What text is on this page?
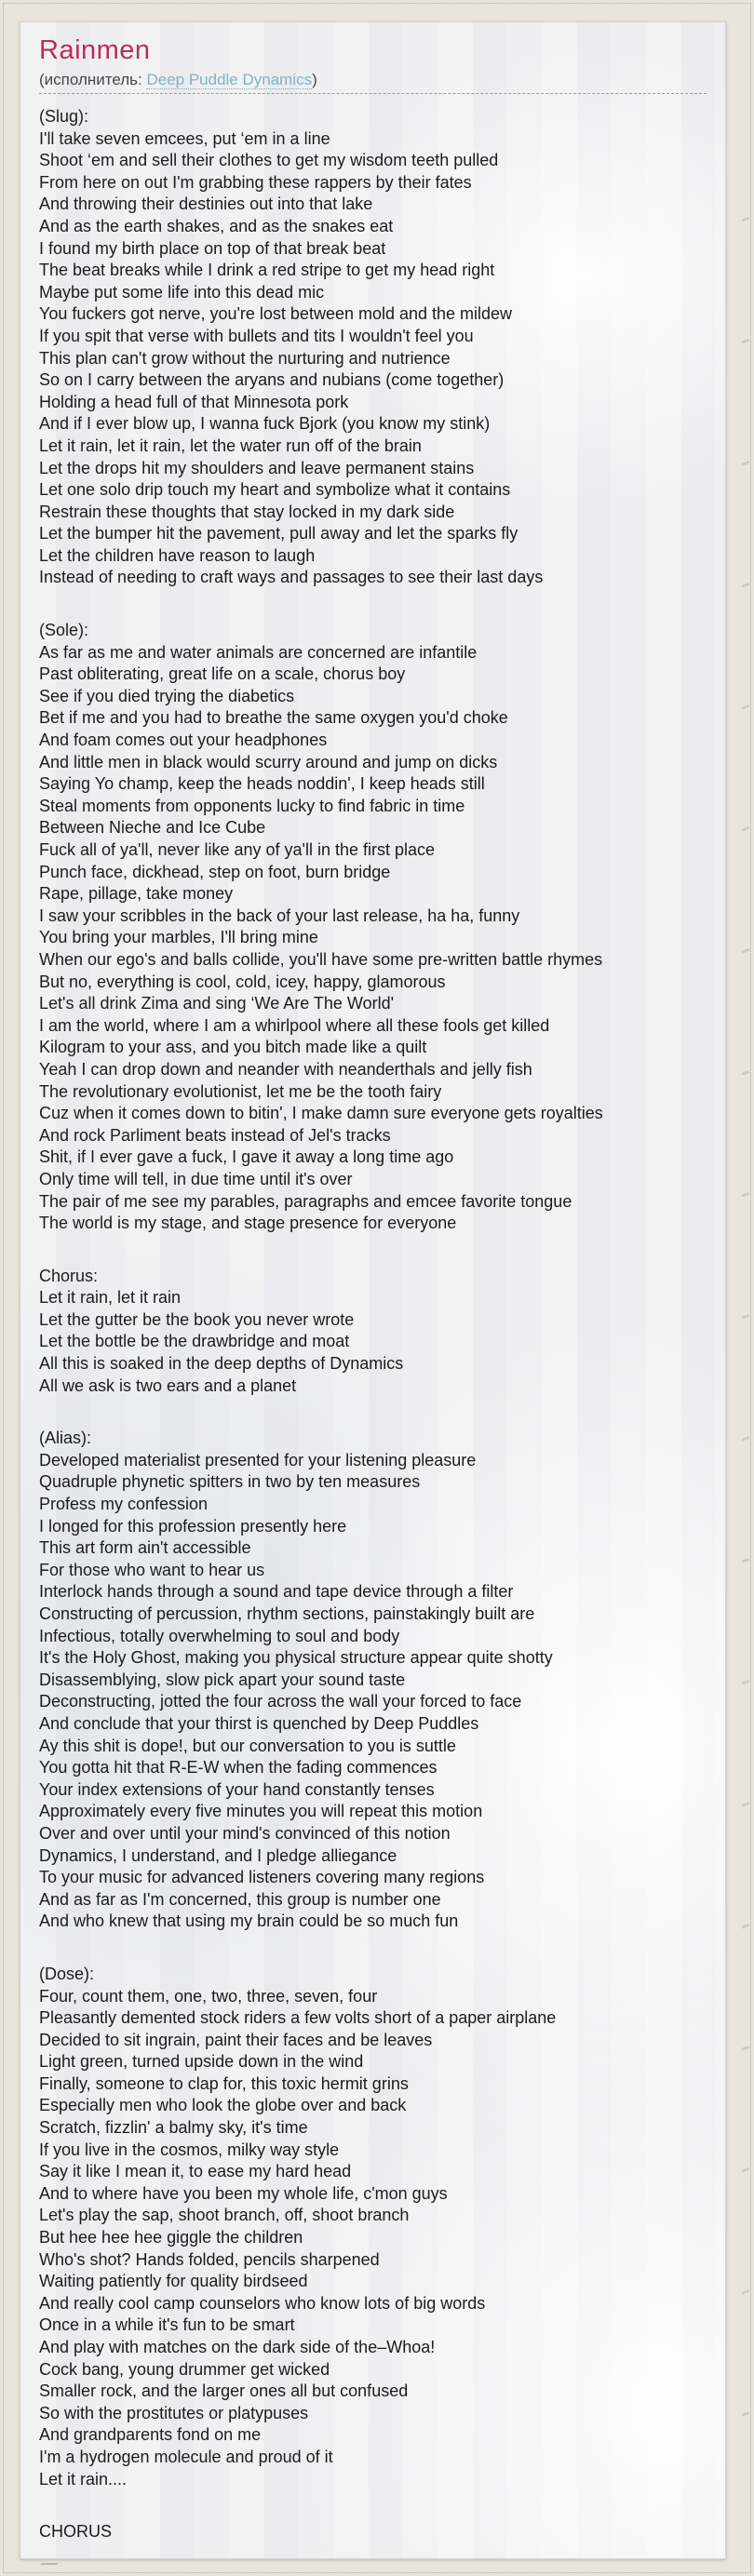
Rainmen
(исполнитель: Deep Puddle Dynamics)

(Slug):
I'll take seven emcees, put ‘em in a line
Shoot ‘em and sell their clothes to get my wisdom teeth pulled
From here on out I'm grabbing these rappers by their fates
And throwing their destinies out into that lake
And as the earth shakes, and as the snakes eat
I found my birth place on top of that break beat
The beat breaks while I drink a red stripe to get my head right
Maybe put some life into this dead mic
You fuckers got nerve, you're lost between mold and the mildew
If you spit that verse with bullets and tits I wouldn't feel you
This plan can't grow without the nurturing and nutrience
So on I carry between the aryans and nubians (come together)
Holding a head full of that Minnesota pork
And if I ever blow up, I wanna fuck Bjork (you know my stink)
Let it rain, let it rain, let the water run off of the brain
Let the drops hit my shoulders and leave permanent stains
Let one solo drip touch my heart and symbolize what it contains
Restrain these thoughts that stay locked in my dark side
Let the bumper hit the pavement, pull away and let the sparks fly
Let the children have reason to laugh
Instead of needing to craft ways and passages to see their last days

(Sole):
As far as me and water animals are concerned are infantile
Past obliterating, great life on a scale, chorus boy
See if you died trying the diabetics
Bet if me and you had to breathe the same oxygen you'd choke
And foam comes out your headphones
And little men in black would scurry around and jump on dicks
Saying Yo champ, keep the heads noddin', I keep heads still
Steal moments from opponents lucky to find fabric in time
Between Nieche and Ice Cube
Fuck all of ya'll, never like any of ya'll in the first place
Punch face, dickhead, step on foot, burn bridge
Rape, pillage, take money
I saw your scribbles in the back of your last release, ha ha, funny
You bring your marbles, I'll bring mine
When our ego's and balls collide, you'll have some pre-written battle rhymes
But no, everything is cool, cold, icey, happy, glamorous
Let's all drink Zima and sing ‘We Are The World'
I am the world, where I am a whirlpool where all these fools get killed
Kilogram to your ass, and you bitch made like a quilt
Yeah I can drop down and neander with neanderthals and jelly fish
The revolutionary evolutionist, let me be the tooth fairy
Cuz when it comes down to bitin', I make damn sure everyone gets royalties
And rock Parliment beats instead of Jel's tracks
Shit, if I ever gave a fuck, I gave it away a long time ago
Only time will tell, in due time until it's over
The pair of me see my parables, paragraphs and emcee favorite tongue
The world is my stage, and stage presence for everyone

Chorus:
Let it rain, let it rain
Let the gutter be the book you never wrote
Let the bottle be the drawbridge and moat
All this is soaked in the deep depths of Dynamics
All we ask is two ears and a planet

(Alias):
Developed materialist presented for your listening pleasure
Quadruple phynetic spitters in two by ten measures
Profess my confession
I longed for this profession presently here
This art form ain't accessible
For those who want to hear us
Interlock hands through a sound and tape device through a filter
Constructing of percussion, rhythm sections, painstakingly built are
Infectious, totally overwhelming to soul and body
It's the Holy Ghost, making you physical structure appear quite shotty
Disassemblying, slow pick apart your sound taste
Deconstructing, jotted the four across the wall your forced to face
And conclude that your thirst is quenched by Deep Puddles
Ay this shit is dope!, but our conversation to you is suttle
You gotta hit that R-E-W when the fading commences
Your index extensions of your hand constantly tenses
Approximately every five minutes you will repeat this motion
Over and over until your mind's convinced of this notion
Dynamics, I understand, and I pledge alliegance
To your music for advanced listeners covering many regions
And as far as I'm concerned, this group is number one
And who knew that using my brain could be so much fun

(Dose):
Four, count them, one, two, three, seven, four
Pleasantly demented stock riders a few volts short of a paper airplane
Decided to sit ingrain, paint their faces and be leaves
Light green, turned upside down in the wind
Finally, someone to clap for, this toxic hermit grins
Especially men who look the globe over and back
Scratch, fizzlin' a balmy sky, it's time
If you live in the cosmos, milky way style
Say it like I mean it, to ease my hard head
And to where have you been my whole life, c'mon guys
Let's play the sap, shoot branch, off, shoot branch
But hee hee hee giggle the children
Who's shot? Hands folded, pencils sharpened
Waiting patiently for quality birdseed
And really cool camp counselors who know lots of big words
Once in a while it's fun to be smart
And play with matches on the dark side of the–Whoa!
Cock bang, young drummer get wicked
Smaller rock, and the larger ones all but confused
So with the prostitutes or platypuses
And grandparents fond on me
I'm a hydrogen molecule and proud of it
Let it rain....

CHORUS
